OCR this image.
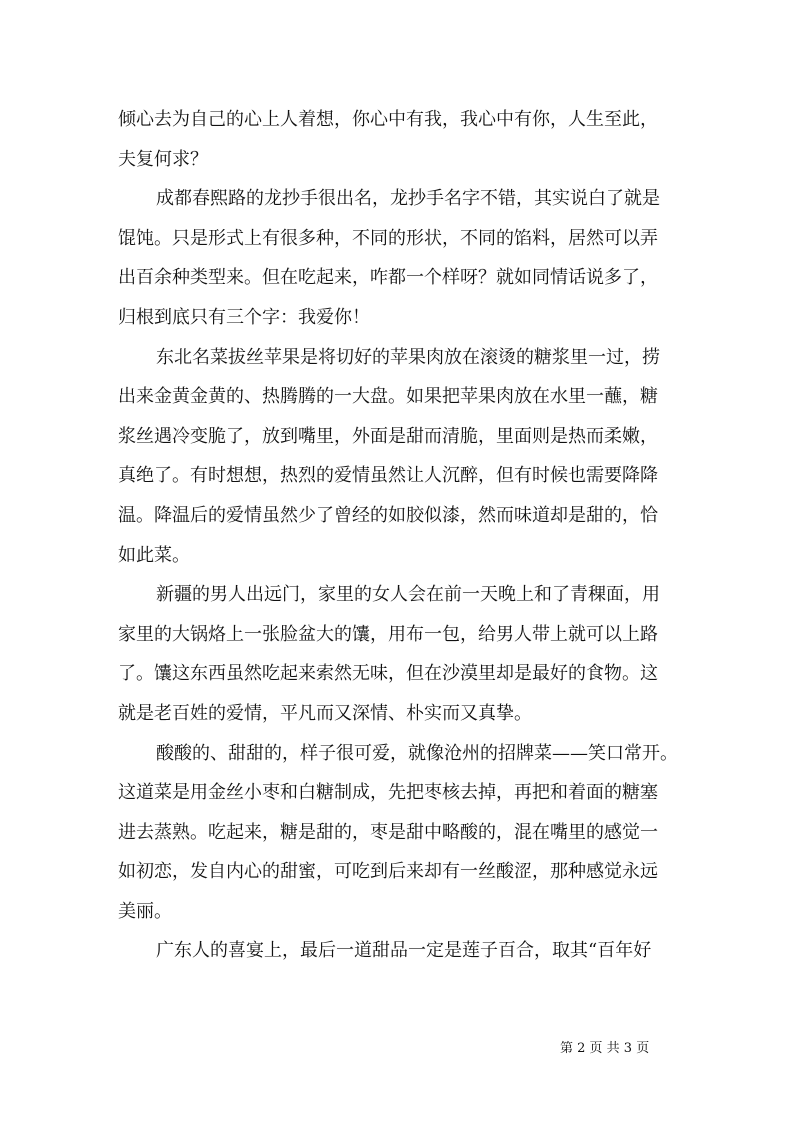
倾心去为自己的心上人着想，你心中有我，我心中有你，人生至此，
夫复何求？
成都春熙路的龙抄手很出名，龙抄手名字不错，其实说白了就是
馄饨。只是形式上有很多种，不同的形状，不同的馅料，居然可以弄
出百余种类型来。但在吃起来，咋都一个样呀？就如同情话说多了，
归根到底只有三个字：我爱你！
东北名菜拔丝苹果是将切好的苹果肉放在滚烫的糖浆里一过，捞
出来金黄金黄的、热腾腾的一大盘。如果把苹果肉放在水里一蘸，糖
浆丝遇冷变脆了，放到嘴里，外面是甜而清脆，里面则是热而柔嫩，
真绝了。有时想想，热烈的爱情虽然让人沉醉，但有时候也需要降降
温。降温后的爱情虽然少了曾经的如胶似漆，然而味道却是甜的，恰
如此菜。
新疆的男人出远门，家里的女人会在前一天晚上和了青稞面，用
家里的大锅烙上一张脸盆大的馕，用布一包，给男人带上就可以上路
了。馕这东西虽然吃起来索然无味，但在沙漠里却是最好的食物。这
就是老百姓的爱情，平凡而又深情、朴实而又真挚。
酸酸的、甜甜的，样子很可爱，就像沧州的招牌菜——笑口常开。
这道菜是用金丝小枣和白糖制成，先把枣核去掉，再把和着面的糖塞
进去蒸熟。吃起来，糖是甜的，枣是甜中略酸的，混在嘴里的感觉一
如初恋，发自内心的甜蜜，可吃到后来却有一丝酸涩，那种感觉永远
美丽。
广东人的喜宴上，最后一道甜品一定是莲子百合，取其“百年好
第 2 页 共 3 页
